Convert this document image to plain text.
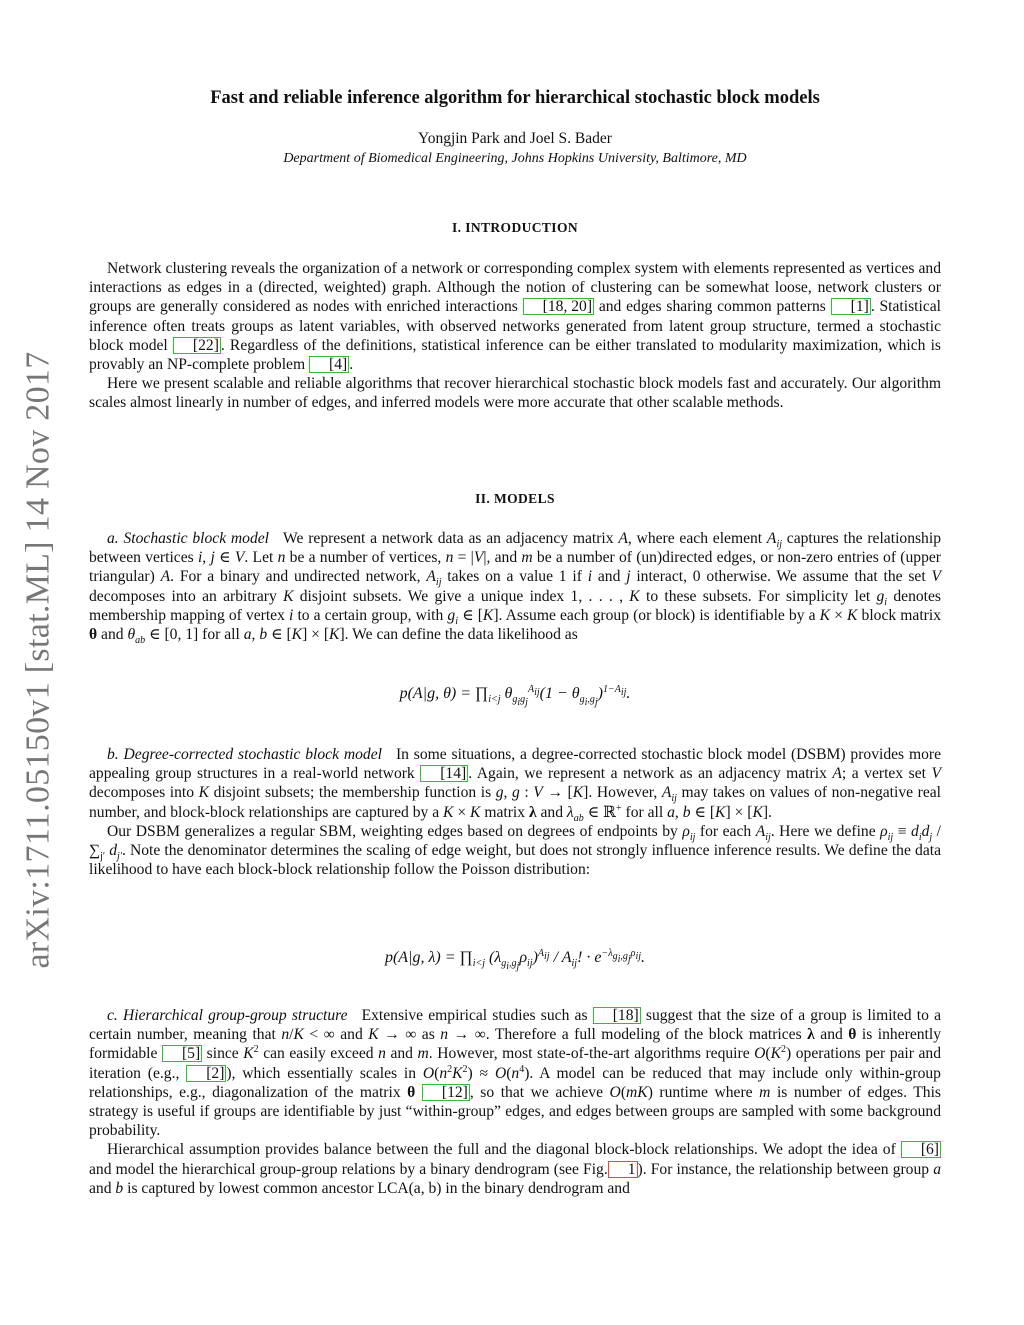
arXiv:1711.05150v1 [stat.ML] 14 Nov 2017
Fast and reliable inference algorithm for hierarchical stochastic block models
Yongjin Park and Joel S. Bader
Department of Biomedical Engineering, Johns Hopkins University, Baltimore, MD
I. INTRODUCTION

Network clustering reveals the organization of a network or corresponding complex system with elements represented as vertices and interactions as edges in a (directed, weighted) graph. Although the notion of clustering can be somewhat loose, network clusters or groups are generally considered as nodes with enriched interactions [18, 20] and edges sharing common patterns [1] . Statistical inference often treats groups as latent variables, with observed networks generated from latent group structure, termed a stochastic block model [22] . Regardless of the definitions, statistical inference can be either translated to modularity maximization, which is provably an NP-complete problem [4] .

Here we present scalable and reliable algorithms that recover hierarchical stochastic block models fast and accurately. Our algorithm scales almost linearly in number of edges, and inferred models were more accurate that other scalable methods.

II. MODELS

a. Stochastic block model We represent a network data as an adjacency matrix A, where each element $A_{ij}$ captures the relationship between vertices i, j ∈ V. Let n be a number of vertices, n = |V|, and m be a number of (un)directed edges, or non-zero entries of (upper triangular) A. For a binary and undirected network, $A_{ij}$ takes on a value 1 if i and j interact, 0 otherwise. We assume that the set V decomposes into an arbitrary K disjoint subsets. We give a unique index 1, . . . , K to these subsets. For simplicity let $g_i$ denotes membership mapping of vertex i to a certain group, with $g_i$ ∈ [K]. Assume each group (or block) is identifiable by a K × K block matrix θ and $\theta_{ab}$ ∈ [0, 1] for all a, b ∈ [K] × [K]. We can define the data likelihood as

p(A|g, $\theta) = \prod_{i<j}$ $\theta_{g_ig_j}^{A_{ij}}(1 - \theta_{g_i,g_j})^{1-A_{ij}}$.

b. Degree-corrected stochastic block model In some situations, a degree-corrected stochastic block model (DSBM) provides more appealing group structures in a real-world network [14] . Again, we represent a network as an adjacency matrix A; a vertex set V decomposes into K disjoint subsets; the membership function is g, g : V → [K]. However, $A_{ij}$ may takes on values of non-negative real number, and block-block relationships are captured by a K × K matrix λ and $\lambda_{ab}$ ∈ ℝ+ for all a, b ∈ [K] × [K].

Our DSBM generalizes a regular SBM, weighting edges based on degrees of endpoints by $\rho_{ij}$ for each $A_{ij}$. Here we define $\rho_{ij} \equiv d_id_j / \sum_{j'}$ $d_{j'}$. Note the denominator determines the scaling of edge weight, but does not strongly influence inference results. We define the data likelihood to have each block-block relationship follow the Poisson distribution:

p(A|g, $\lambda) = \prod_{i<j}$ $(\lambda_{g_i,g_j}\rho_{ij})^{A_{ij}} / A_{ij}$! · $e^{-\lambda_{g_i,g_j}\rho_{ij}}$.

c. Hierarchical group-group structure Extensive empirical studies such as [18] suggest that the size of a group is limited to a certain number, meaning that n/K < ∞ and K → ∞ as n → ∞. Therefore a full modeling of the block matrices λ and θ is inherently formidable [5] since $K^2$ can easily exceed n and m. However, most state-of-the-art algorithms require $O(K^2)$ operations per pair and iteration (e.g., [2] ), which essentially scales in $O(n^2K^2) \approx O(n^4)$. A model can be reduced that may include only within-group relationships, e.g., diagonalization of the matrix θ [12] , so that we achieve O(mK) runtime where m is number of edges. This strategy is useful if groups are identifiable by just “within-group” edges, and edges between groups are sampled with some background probability.

Hierarchical assumption provides balance between the full and the diagonal block-block relationships. We adopt the idea of [6] and model the hierarchical group-group relations by a binary dendrogram (see Fig. 1 ). For instance, the relationship between group a and b is captured by lowest common ancestor LCA(a, b) in the binary dendrogram and
